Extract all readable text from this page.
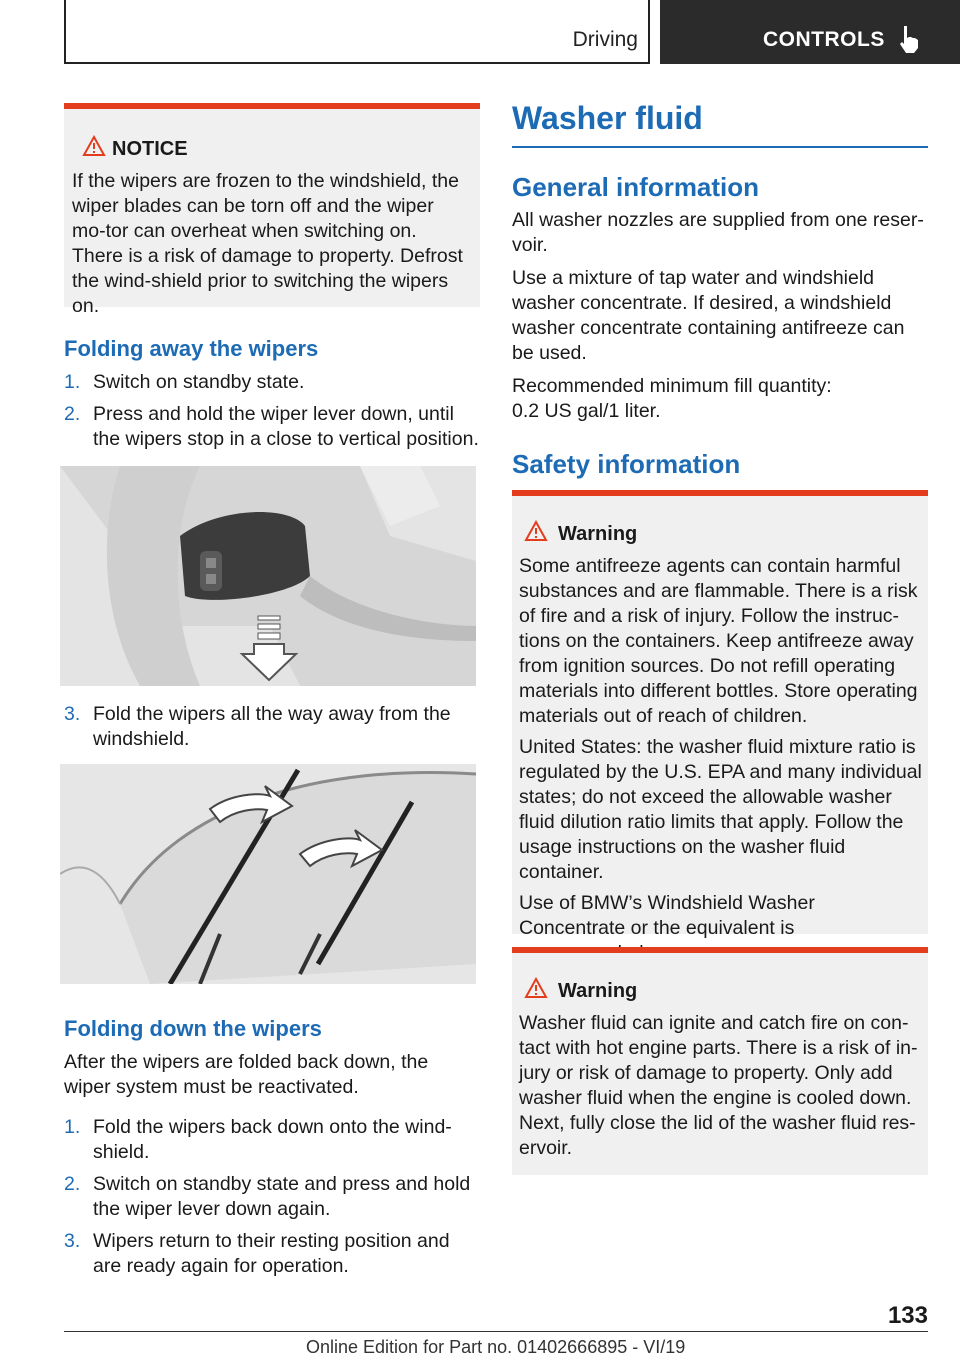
Driving	CONTROLS
NOTICE
If the wipers are frozen to the windshield, the wiper blades can be torn off and the wiper mo-tor can overheat when switching on. There is a risk of damage to property. Defrost the wind-shield prior to switching the wipers on.
Folding away the wipers
1. Switch on standby state.
2. Press and hold the wiper lever down, until the wipers stop in a close to vertical position.
3. Fold the wipers all the way away from the windshield.
Folding down the wipers

After the wipers are folded back down, the wiper system must be reactivated.

1. Fold the wipers back down onto the wind-shield.
2. Switch on standby state and press and hold the wiper lever down again.
3. Wipers return to their resting position and are ready again for operation.
Washer fluid
General information

All washer nozzles are supplied from one reser-voir.

Use a mixture of tap water and windshield washer concentrate. If desired, a windshield washer concentrate containing antifreeze can be used.

Recommended minimum fill quantity:

0.2 US gal/1 liter.

Safety information
Warning

Some antifreeze agents can contain harmful substances and are flammable. There is a risk of fire and a risk of injury. Follow the instruc-tions on the containers. Keep antifreeze away from ignition sources. Do not refill operating materials into different bottles. Store operating materials out of reach of children.

United States: the washer fluid mixture ratio is regulated by the U.S. EPA and many individual states; do not exceed the allowable washer fluid dilution ratio limits that apply. Follow the usage instructions on the washer fluid container.

Use of BMW’s Windshield Washer Concentrate or the equivalent is

Warning

Washer fluid can ignite and catch fire on con-tact with hot engine parts. There is a risk of in-jury or risk of damage to property. Only add washer fluid when the engine is cooled down. Next, fully close the lid of the washer fluid res-ervoir.

133
Online Edition for Part no. 01402666895 - VI/19
